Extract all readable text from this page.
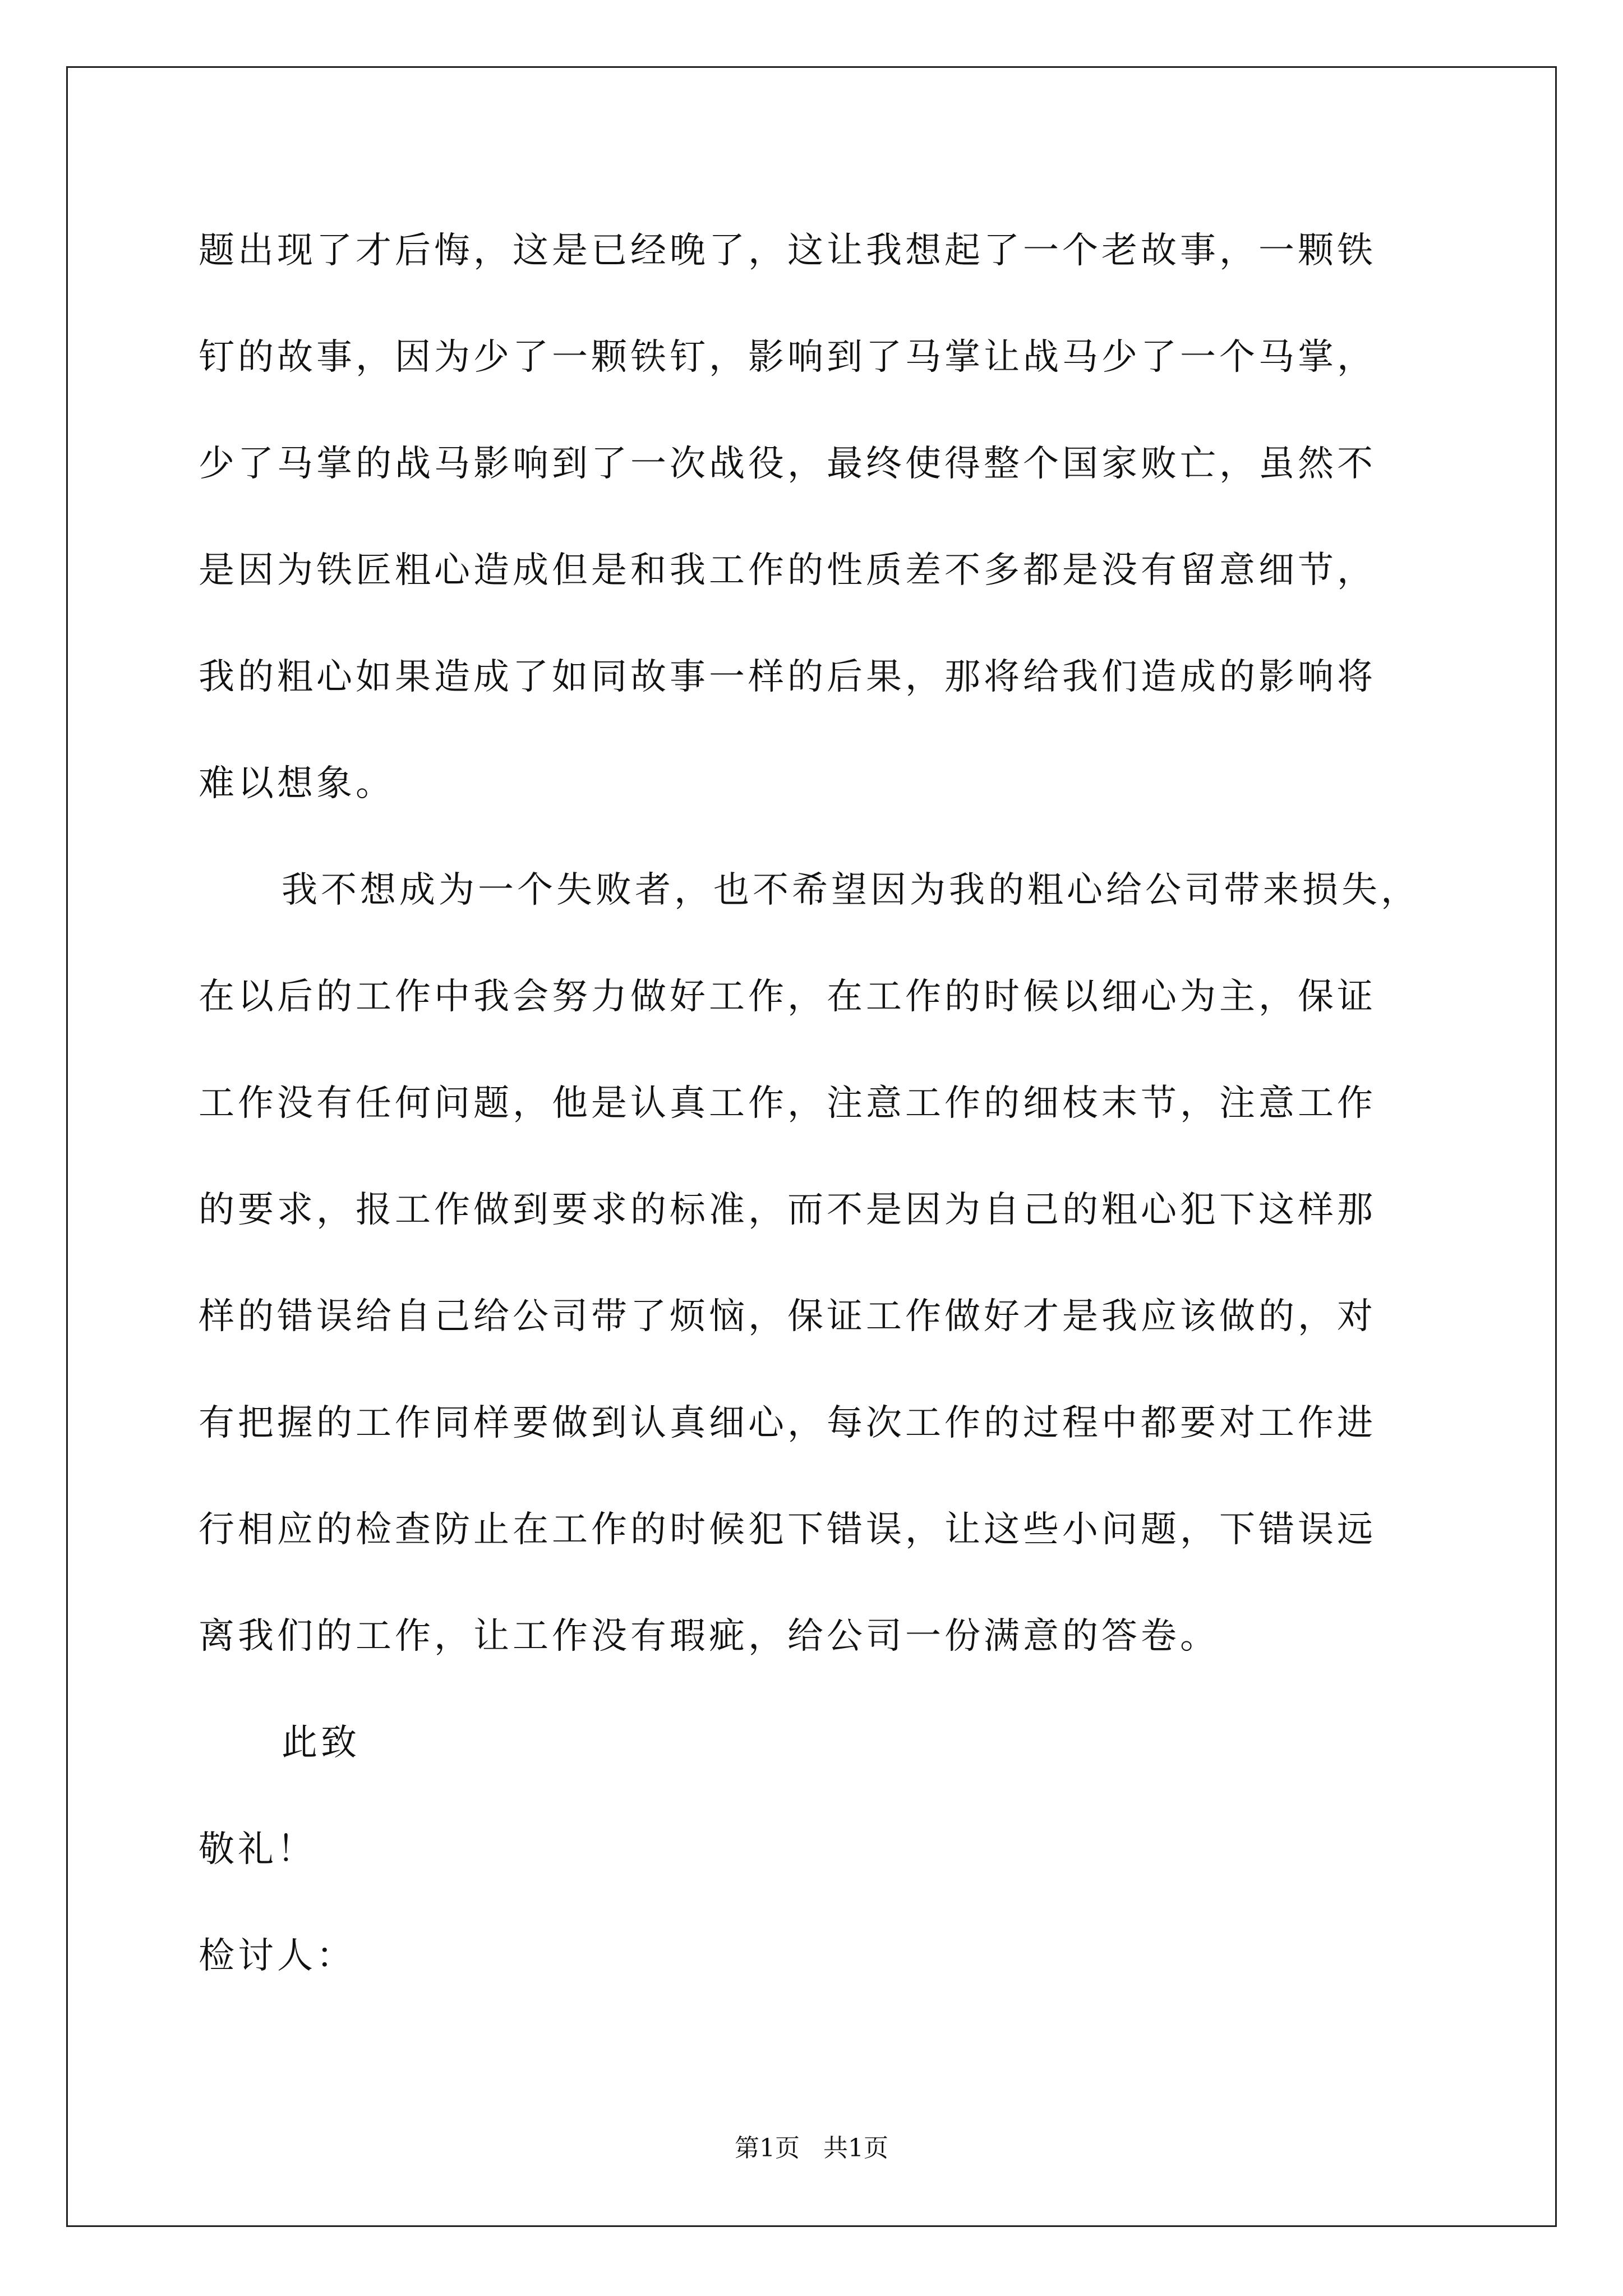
题出现了才后悔，这是已经晚了，这让我想起了一个老故事，一颗铁
钉的故事，因为少了一颗铁钉，影响到了马掌让战马少了一个马掌，
少了马掌的战马影响到了一次战役，最终使得整个国家败亡，虽然不
是因为铁匠粗心造成但是和我工作的性质差不多都是没有留意细节，
我的粗心如果造成了如同故事一样的后果，那将给我们造成的影响将
难以想象。
我不想成为一个失败者，也不希望因为我的粗心给公司带来损失，
在以后的工作中我会努力做好工作，在工作的时候以细心为主，保证
工作没有任何问题，他是认真工作，注意工作的细枝末节，注意工作
的要求，报工作做到要求的标准，而不是因为自己的粗心犯下这样那
样的错误给自己给公司带了烦恼，保证工作做好才是我应该做的，对
有把握的工作同样要做到认真细心，每次工作的过程中都要对工作进
行相应的检查防止在工作的时候犯下错误，让这些小问题，下错误远
离我们的工作，让工作没有瑕疵，给公司一份满意的答卷。
此致
敬礼！
检讨人：
第1页 共1页
